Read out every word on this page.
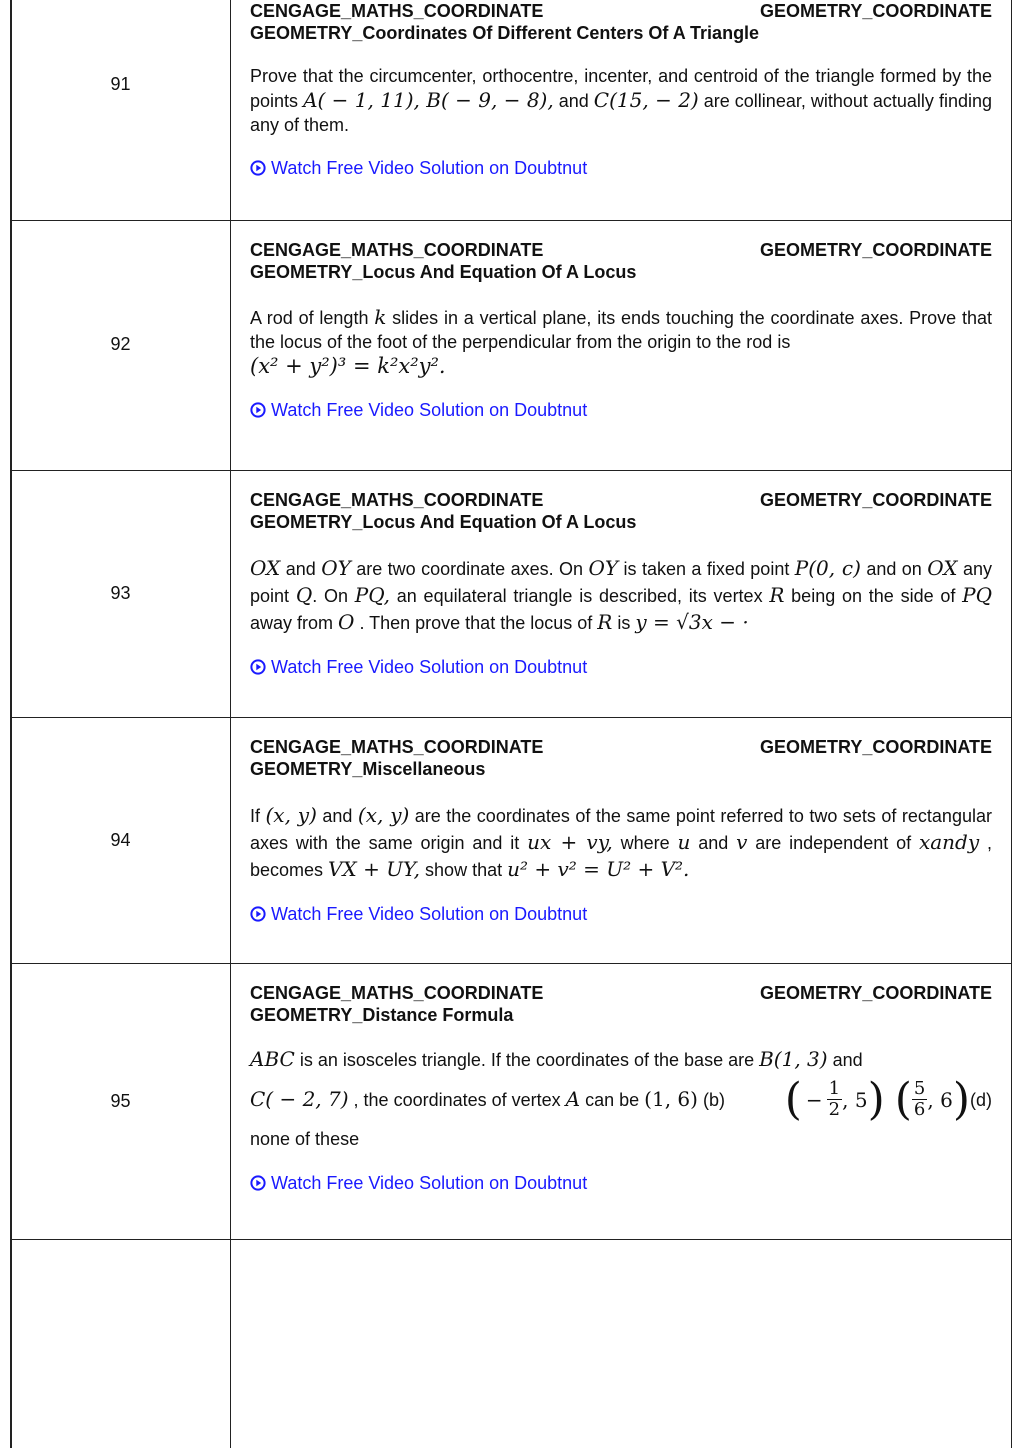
91
CENGAGE_MATHS_COORDINATE	GEOMETRY_COORDINATE
GEOMETRY_Coordinates Of Different Centers Of A Triangle
Prove that the circumcenter, orthocentre, incenter, and centroid of the triangle formed by the points A( − 1, 11), B( − 9, − 8), and C(15, − 2) are collinear, without actually finding any of them.
Watch Free Video Solution on Doubtnut
92
CENGAGE_MATHS_COORDINATE	GEOMETRY_COORDINATE
GEOMETRY_Locus And Equation Of A Locus
A rod of length k slides in a vertical plane, its ends touching the coordinate axes. Prove that the locus of the foot of the perpendicular from the origin to the rod is
(x² + y²)³ = k²x²y².
Watch Free Video Solution on Doubtnut
93
CENGAGE_MATHS_COORDINATE	GEOMETRY_COORDINATE
GEOMETRY_Locus And Equation Of A Locus
OX and OY are two coordinate axes. On OY is taken a fixed point P(0, c) and on OX any point Q. On PQ, an equilateral triangle is described, its vertex R being on the side of PQ away from O . Then prove that the locus of R is y = √3x − ·
Watch Free Video Solution on Doubtnut
94
CENGAGE_MATHS_COORDINATE	GEOMETRY_COORDINATE
GEOMETRY_Miscellaneous
If (x, y) and (x, y) are the coordinates of the same point referred to two sets of rectangular axes with the same origin and it ux + vy, where u and v are independent of xandy , becomes VX + UY, show that u² + v² = U² + V².
Watch Free Video Solution on Doubtnut
95
CENGAGE_MATHS_COORDINATE	GEOMETRY_COORDINATE
GEOMETRY_Distance Formula
ABC is an isosceles triangle. If the coordinates of the base are B(1, 3) and

C( − 2, 7) , the coordinates of vertex A can be (1, 6) (b) ( − $\frac{1}{2}$ , 5 ) ( $\frac{5}{6}$ , 6 ) (d)

none of these
Watch Free Video Solution on Doubtnut
